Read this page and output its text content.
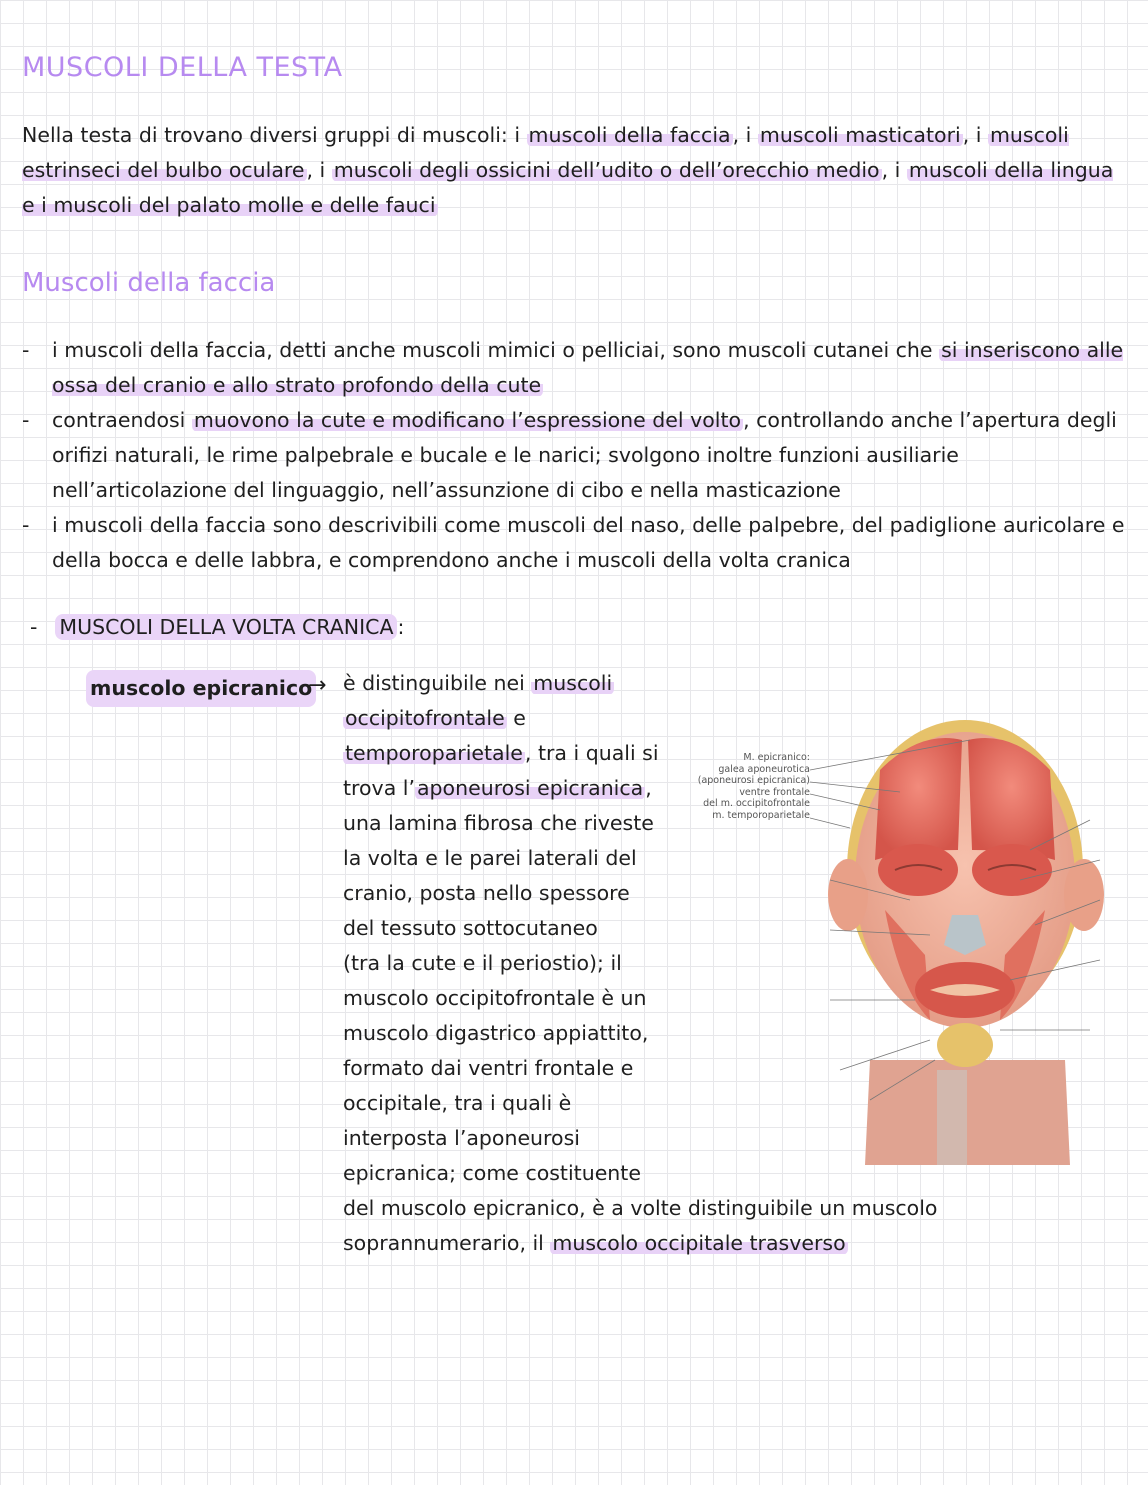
MUSCOLI DELLA TESTA

Nella testa di trovano diversi gruppi di muscoli: i muscoli della faccia, i muscoli masticatori, i muscoli estrinseci del bulbo oculare, i muscoli degli ossicini dell’udito o dell’orecchio medio, i muscoli della lingua e i muscoli del palato molle e delle fauci

Muscoli della faccia
- i muscoli della faccia, detti anche muscoli mimici o pelliciai, sono muscoli cutanei che si inseriscono alle ossa del cranio e allo strato profondo della cute
- contraendosi muovono la cute e modificano l’espressione del volto, controllando anche l’apertura degli orifizi naturali, le rime palpebrale e bucale e le narici; svolgono inoltre funzioni ausiliarie nell’articolazione del linguaggio, nell’assunzione di cibo e nella masticazione
- i muscoli della faccia sono descrivibili come muscoli del naso, delle palpebre, del padiglione auricolare e della bocca e delle labbra, e comprendono anche i muscoli della volta cranica

- MUSCOLI DELLA VOLTA CRANICA :

muscolo epicranico
→ è distinguibile nei muscoli
occipitofrontale e
temporoparietale, tra i quali si
trova l’aponeurosi epicranica,
una lamina fibrosa che riveste
la volta e le parei laterali del
cranio, posta nello spessore
del tessuto sottocutaneo
(tra la cute e il periostio); il
muscolo occipitofrontale è un
muscolo digastrico appiattito,
formato dai ventri frontale e
occipitale, tra i quali è
interposta l’aponeurosi
epicranica; come costituente

del muscolo epicranico, è a volte distinguibile un muscolo
soprannumerario, il muscolo occipitale trasverso

M. epicranico:
galea aponeurotica
(aponeurosi epicranica)
ventre frontale
del m. occipitofrontale
m. temporoparietale
